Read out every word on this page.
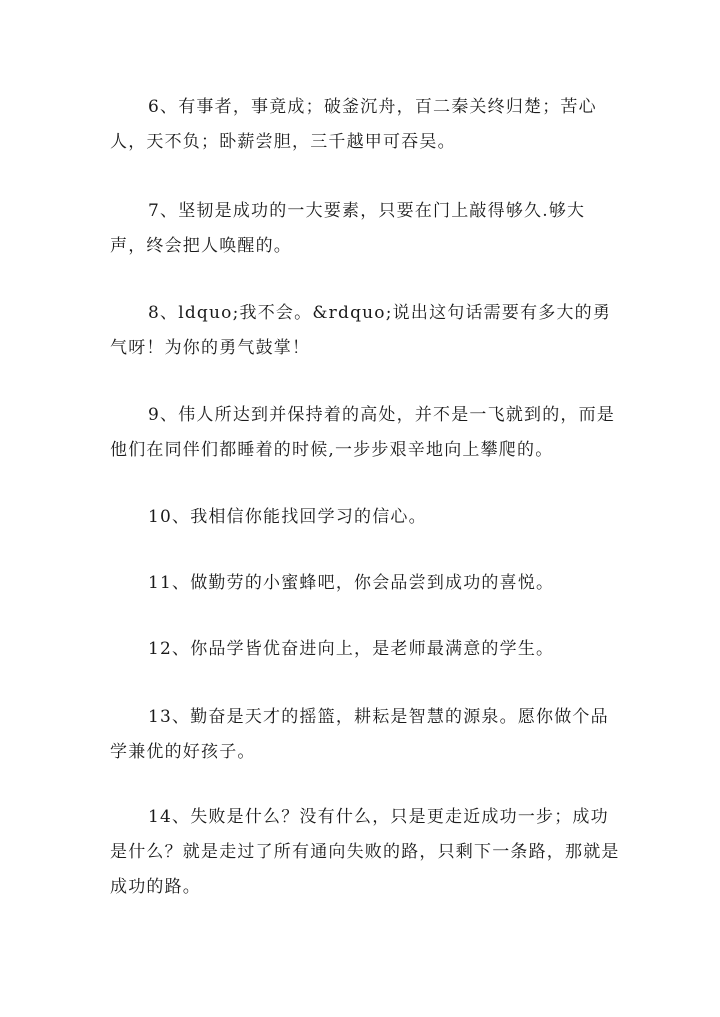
6、有事者，事竟成；破釜沉舟，百二秦关终归楚；苦心人，天不负；卧薪尝胆，三千越甲可吞吴。

7、坚韧是成功的一大要素，只要在门上敲得够久.够大声，终会把人唤醒的。

8、ldquo;我不会。&rdquo;说出这句话需要有多大的勇气呀！为你的勇气鼓掌！

9、伟人所达到并保持着的高处，并不是一飞就到的，而是他们在同伴们都睡着的时候,一步步艰辛地向上攀爬的。

10、我相信你能找回学习的信心。

11、做勤劳的小蜜蜂吧，你会品尝到成功的喜悦。

12、你品学皆优奋进向上，是老师最满意的学生。

13、勤奋是天才的摇篮，耕耘是智慧的源泉。愿你做个品学兼优的好孩子。

14、失败是什么？没有什么，只是更走近成功一步；成功是什么？就是走过了所有通向失败的路，只剩下一条路，那就是成功的路。
